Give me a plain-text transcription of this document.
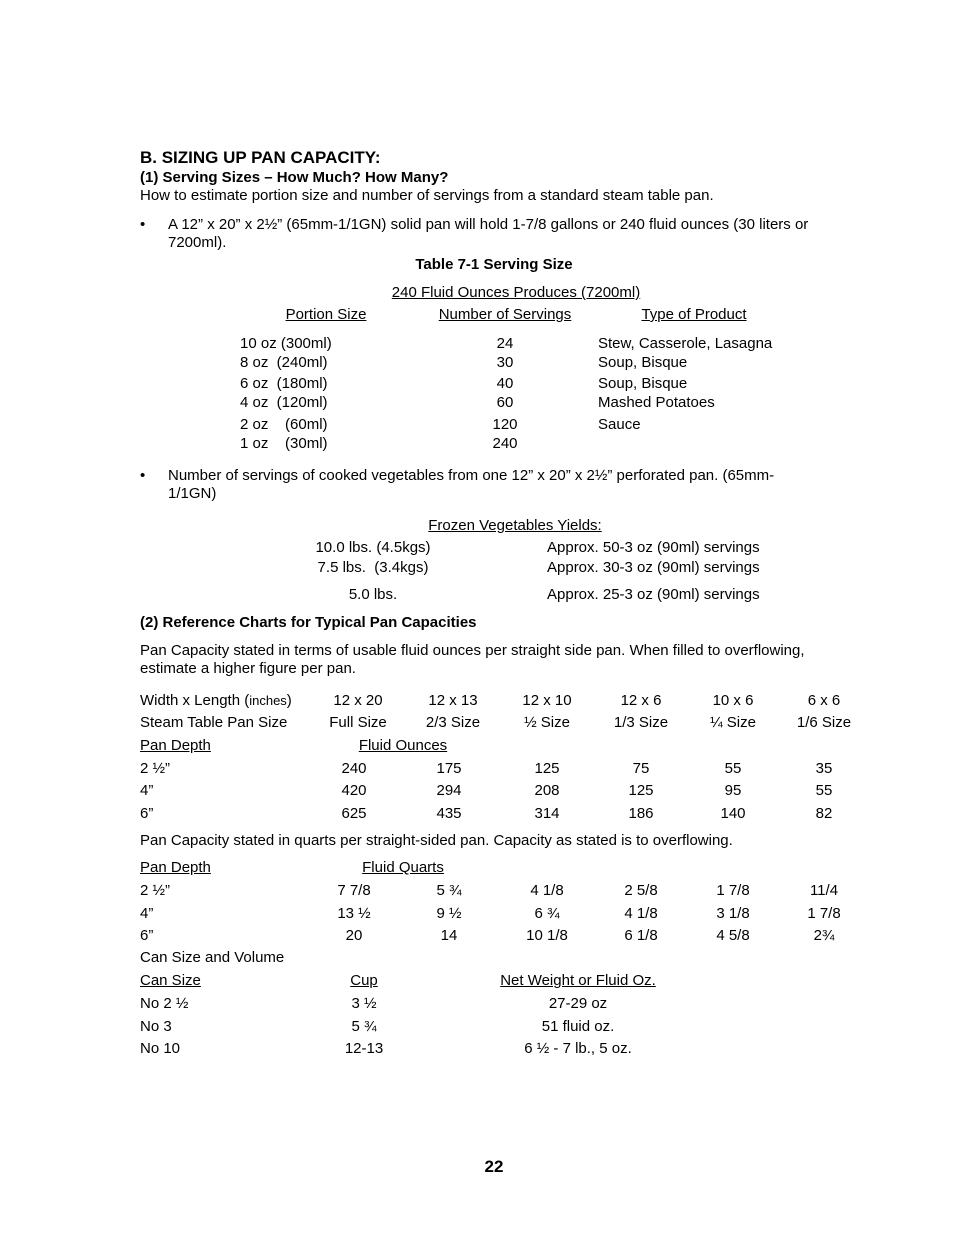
B. SIZING UP PAN CAPACITY:
(1) Serving Sizes – How Much? How Many?
How to estimate portion size and number of servings from a standard steam table pan.
• A 12” x 20” x 2½” (65mm-1/1GN) solid pan will hold 1-7/8 gallons or 240 fluid ounces (30 liters or
7200ml).
Table 7-1 Serving Size
240 Fluid Ounces Produces (7200ml)
Portion Size	Number of Servings	Type of Product
10 oz (300ml)	24	Stew, Casserole, Lasagna
8 oz  (240ml)	30	Soup, Bisque
6 oz  (180ml)	40	Soup, Bisque
4 oz  (120ml)	60	Mashed Potatoes
2 oz    (60ml)	120	Sauce
1 oz    (30ml)	240
• Number of servings of cooked vegetables from one 12” x 20” x 2½” perforated pan. (65mm-
1/1GN)
Frozen Vegetables Yields:
10.0 lbs. (4.5kgs)	Approx. 50-3 oz (90ml) servings
7.5 lbs.  (3.4kgs)	Approx. 30-3 oz (90ml) servings
5.0 lbs.	Approx. 25-3 oz (90ml) servings
(2) Reference Charts for Typical Pan Capacities
Pan Capacity stated in terms of usable fluid ounces per straight side pan. When filled to overflowing, estimate a higher figure per pan.
Width x Length (inches)	12 x 20	12 x 13	12 x 10	12 x 6	10 x 6	6 x 6
Steam Table Pan Size	Full Size	2/3 Size	½ Size	1/3 Size	¼ Size	1/6 Size
Pan Depth	Fluid Ounces
2 ½”	240	175	125	75	55	35
4”	420	294	208	125	95	55
6”	625	435	314	186	140	82
Pan Capacity stated in quarts per straight-sided pan. Capacity as stated is to overflowing.
Pan Depth	Fluid Quarts
2 ½”	7 7/8	5 ¾	4 1/8	2 5/8	1 7/8	11/4
4”	13 ½	9 ½	6 ¾	4 1/8	3 1/8	1 7/8
6”	20	14	10 1/8	6 1/8	4 5/8	2¾
Can Size and Volume
Can Size	Cup	Net Weight or Fluid Oz.
No 2 ½	3 ½	27-29 oz
No 3	5 ¾	51 fluid oz.
No 10	12-13	6 ½ - 7 lb., 5 oz.
22
